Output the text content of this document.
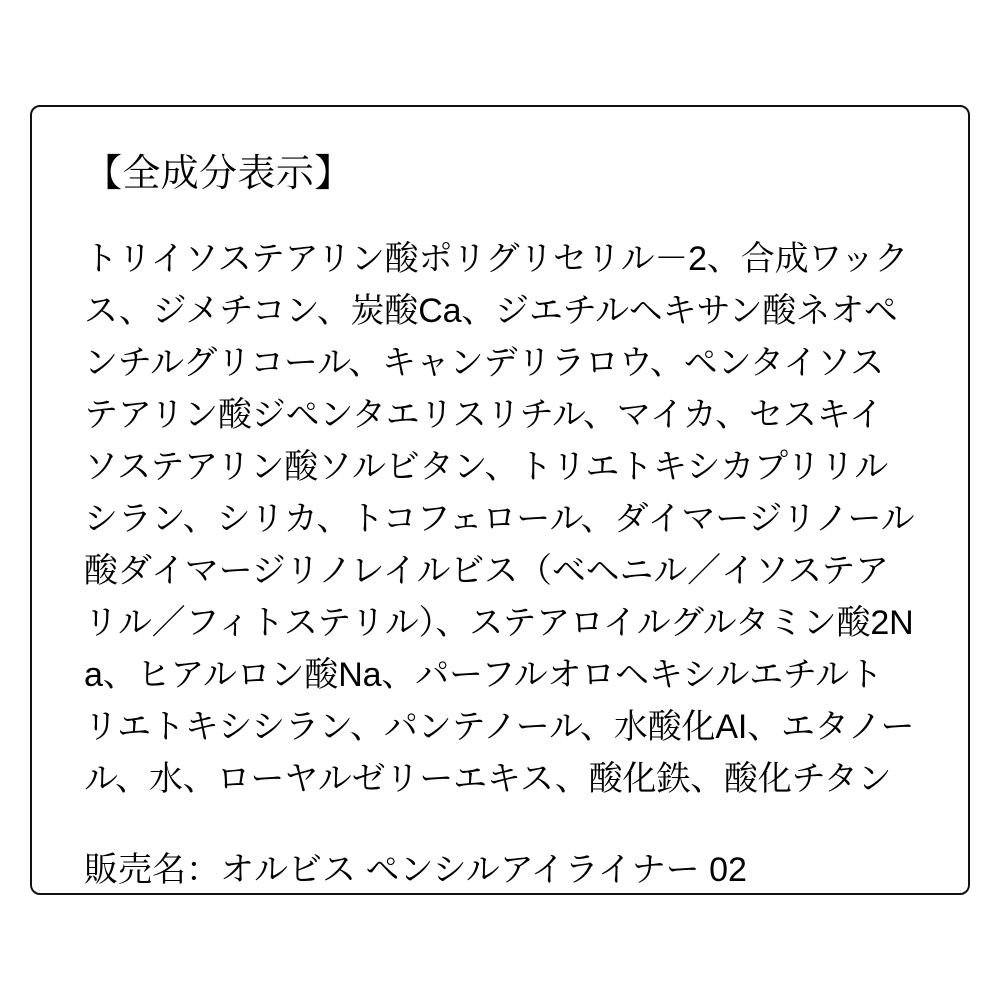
【全成分表示】
トリイソステアリン酸ポリグリセリル－2、合成ワックス、ジメチコン、炭酸Ca、ジエチルヘキサン酸ネオペンチルグリコール、キャンデリラロウ、ペンタイソステアリン酸ジペンタエリスリチル、マイカ、セスキイソステアリン酸ソルビタン、トリエトキシカプリリルシラン、シリカ、トコフェロール、ダイマージリノール酸ダイマージリノレイルビス（ベヘニル／イソステアリル／フィトステリル）、ステアロイルグルタミン酸2Na、ヒアルロン酸Na、パーフルオロヘキシルエチルトリエトキシシラン、パンテノール、水酸化AI、エタノール、水、ローヤルゼリーエキス、酸化鉄、酸化チタン
販売名：オルビス ペンシルアイライナー 02
